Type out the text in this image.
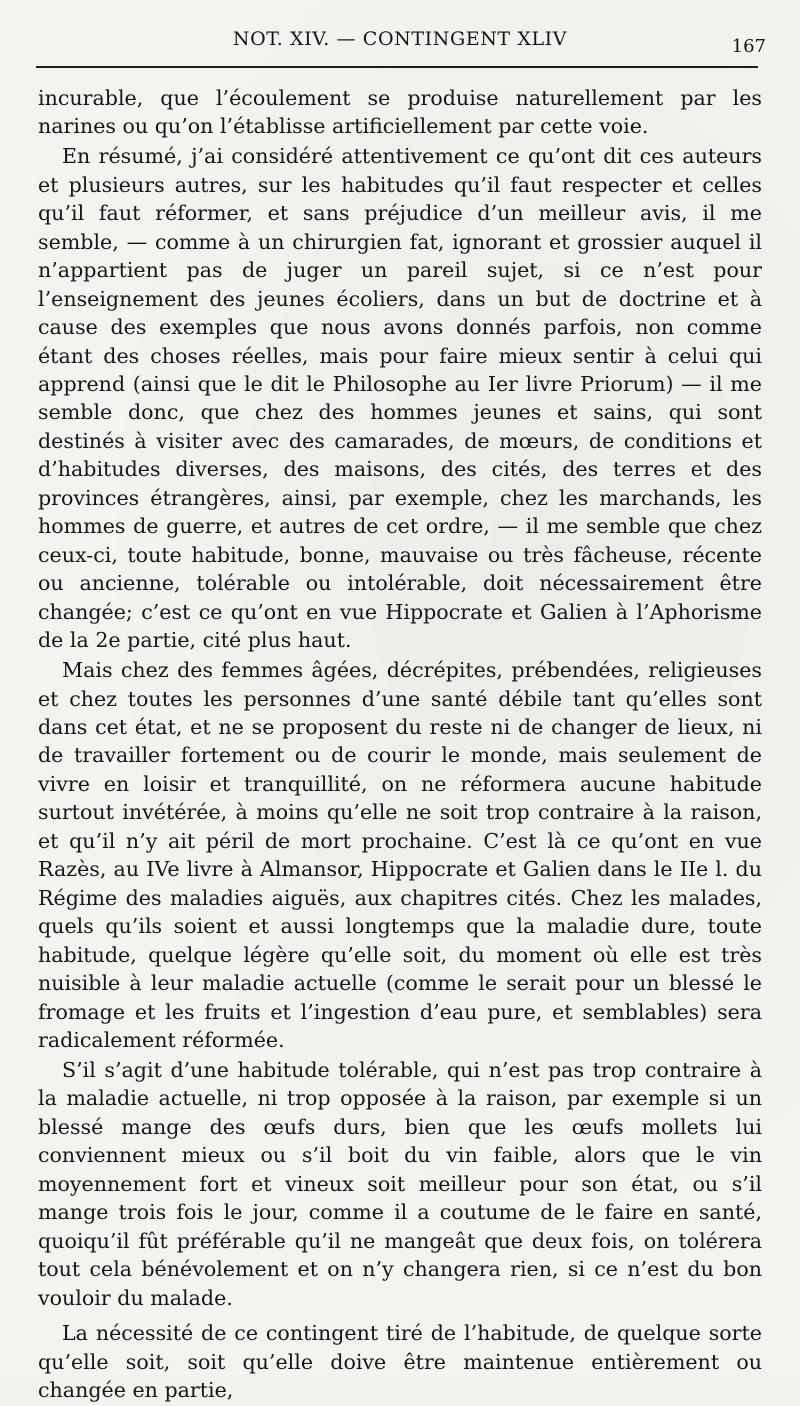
NOT. XIV. — CONTINGENT XLIV	167

incurable, que l’écoulement se produise naturellement par les narines ou qu’on l’établisse artificiellement par cette voie.

En résumé, j’ai considéré attentivement ce qu’ont dit ces auteurs et plusieurs autres, sur les habitudes qu’il faut respecter et celles qu’il faut réformer, et sans préjudice d’un meilleur avis, il me semble, — comme à un chirurgien fat, ignorant et grossier auquel il n’appartient pas de juger un pareil sujet, si ce n’est pour l’enseignement des jeunes écoliers, dans un but de doctrine et à cause des exemples que nous avons donnés parfois, non comme étant des choses réelles, mais pour faire mieux sentir à celui qui apprend (ainsi que le dit le Philosophe au Ier livre Priorum) — il me semble donc, que chez des hommes jeunes et sains, qui sont destinés à visiter avec des camarades, de mœurs, de conditions et d’habitudes diverses, des maisons, des cités, des terres et des provinces étrangères, ainsi, par exemple, chez les marchands, les hommes de guerre, et autres de cet ordre, — il me semble que chez ceux-ci, toute habitude, bonne, mauvaise ou très fâcheuse, récente ou ancienne, tolérable ou intolérable, doit nécessairement être changée; c’est ce qu’ont en vue Hippocrate et Galien à l’Aphorisme de la 2e partie, cité plus haut.

Mais chez des femmes âgées, décrépites, prébendées, religieuses et chez toutes les personnes d’une santé débile tant qu’elles sont dans cet état, et ne se proposent du reste ni de changer de lieux, ni de travailler fortement ou de courir le monde, mais seulement de vivre en loisir et tranquillité, on ne réformera aucune habitude surtout invétérée, à moins qu’elle ne soit trop contraire à la raison, et qu’il n’y ait péril de mort prochaine. C’est là ce qu’ont en vue Razès, au IVe livre à Almansor, Hippocrate et Galien dans le IIe l. du Régime des maladies aiguës, aux chapitres cités. Chez les malades, quels qu’ils soient et aussi longtemps que la maladie dure, toute habitude, quelque légère qu’elle soit, du moment où elle est très nuisible à leur maladie actuelle (comme le serait pour un blessé le fromage et les fruits et l’ingestion d’eau pure, et semblables) sera radicalement réformée.

S’il s’agit d’une habitude tolérable, qui n’est pas trop contraire à la maladie actuelle, ni trop opposée à la raison, par exemple si un blessé mange des œufs durs, bien que les œufs mollets lui conviennent mieux ou s’il boit du vin faible, alors que le vin moyennement fort et vineux soit meilleur pour son état, ou s’il mange trois fois le jour, comme il a coutume de le faire en santé, quoiqu’il fût préférable qu’il ne mangeât que deux fois, on tolérera tout cela bénévolement et on n’y changera rien, si ce n’est du bon vouloir du malade.

La nécessité de ce contingent tiré de l’habitude, de quelque sorte qu’elle soit, soit qu’elle doive être maintenue entièrement ou changée en partie,
